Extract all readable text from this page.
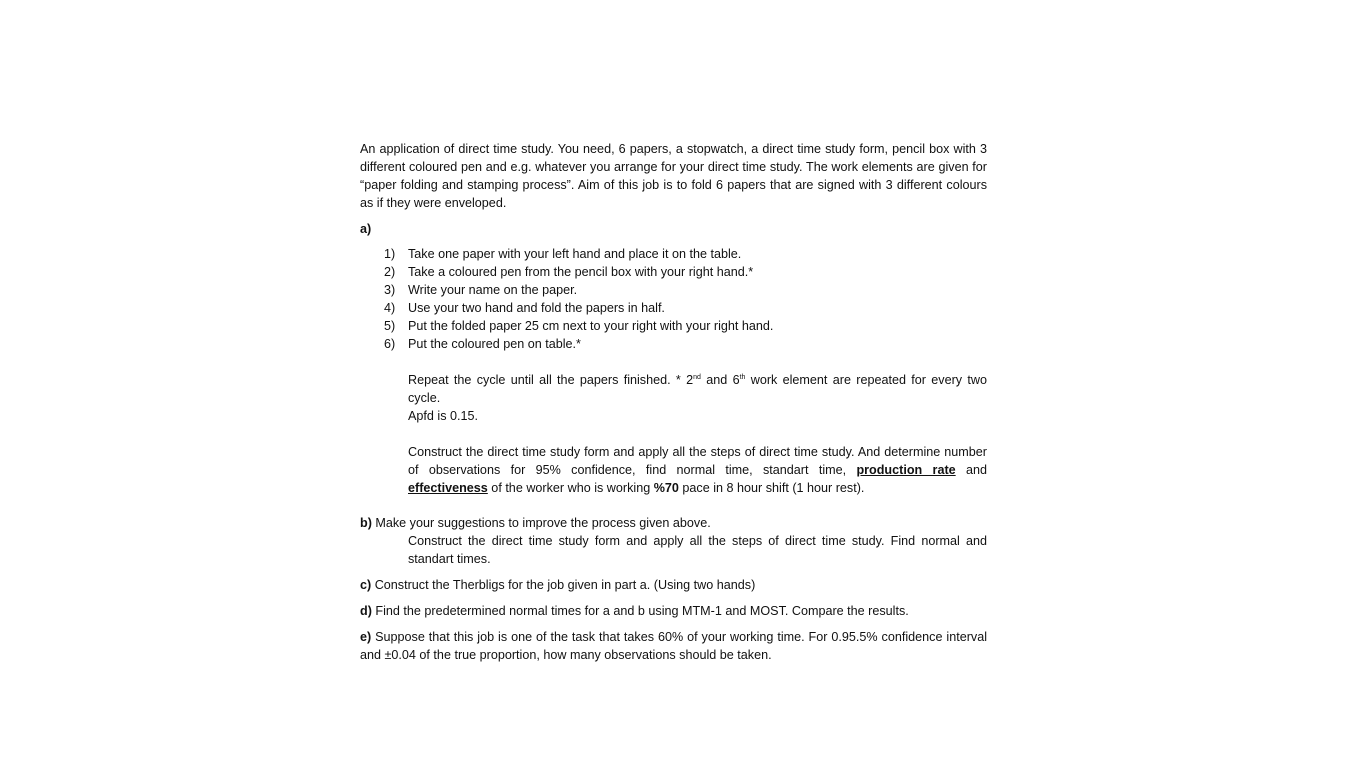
An application of direct time study. You need, 6 papers, a stopwatch, a direct time study form, pencil box with 3 different coloured pen and e.g. whatever you arrange for your direct time study. The work elements are given for “paper folding and stamping process”. Aim of this job is to fold 6 papers that are signed with 3 different colours as if they were enveloped.

a)
1) Take one paper with your left hand and place it on the table.
2) Take a coloured pen from the pencil box with your right hand.*
3) Write your name on the paper.
4) Use your two hand and fold the papers in half.
5) Put the folded paper 25 cm next to your right with your right hand.
6) Put the coloured pen on table.*
Repeat the cycle until all the papers finished. * 2nd and 6th work element are repeated for every two cycle.
Apfd is 0.15.
Construct the direct time study form and apply all the steps of direct time study. And determine number of observations for 95% confidence, find normal time, standart time, production rate and effectiveness of the worker who is working %70 pace in 8 hour shift (1 hour rest).
b) Make your suggestions to improve the process given above.
Construct the direct time study form and apply all the steps of direct time study. Find normal and standart times.
c) Construct the Therbligs for the job given in part a. (Using two hands)
d) Find the predetermined normal times for a and b using MTM-1 and MOST. Compare the results.
e) Suppose that this job is one of the task that takes 60% of your working time. For 0.95.5% confidence interval and ±0.04 of the true proportion, how many observations should be taken.
